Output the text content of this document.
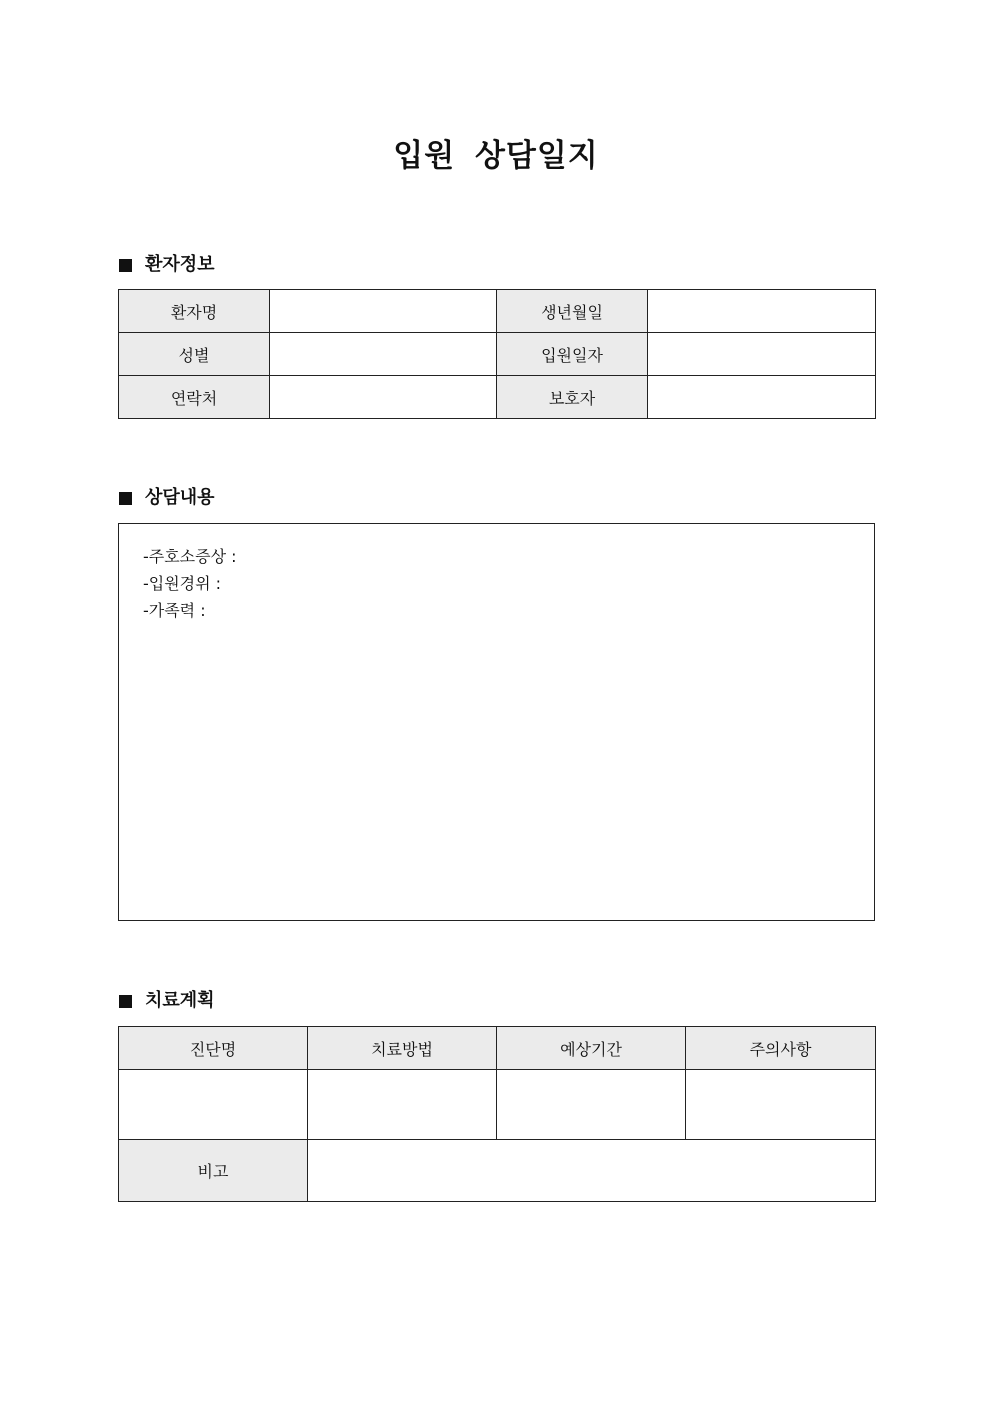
입원 상담일지
환자정보
환자명		생년월일	
성별		입원일자	
연락처		보호자	
상담내용
-주호소증상 :
-입원경위 :
-가족력 :
치료계획
진단명	치료방법	예상기간	주의사항

비고			
